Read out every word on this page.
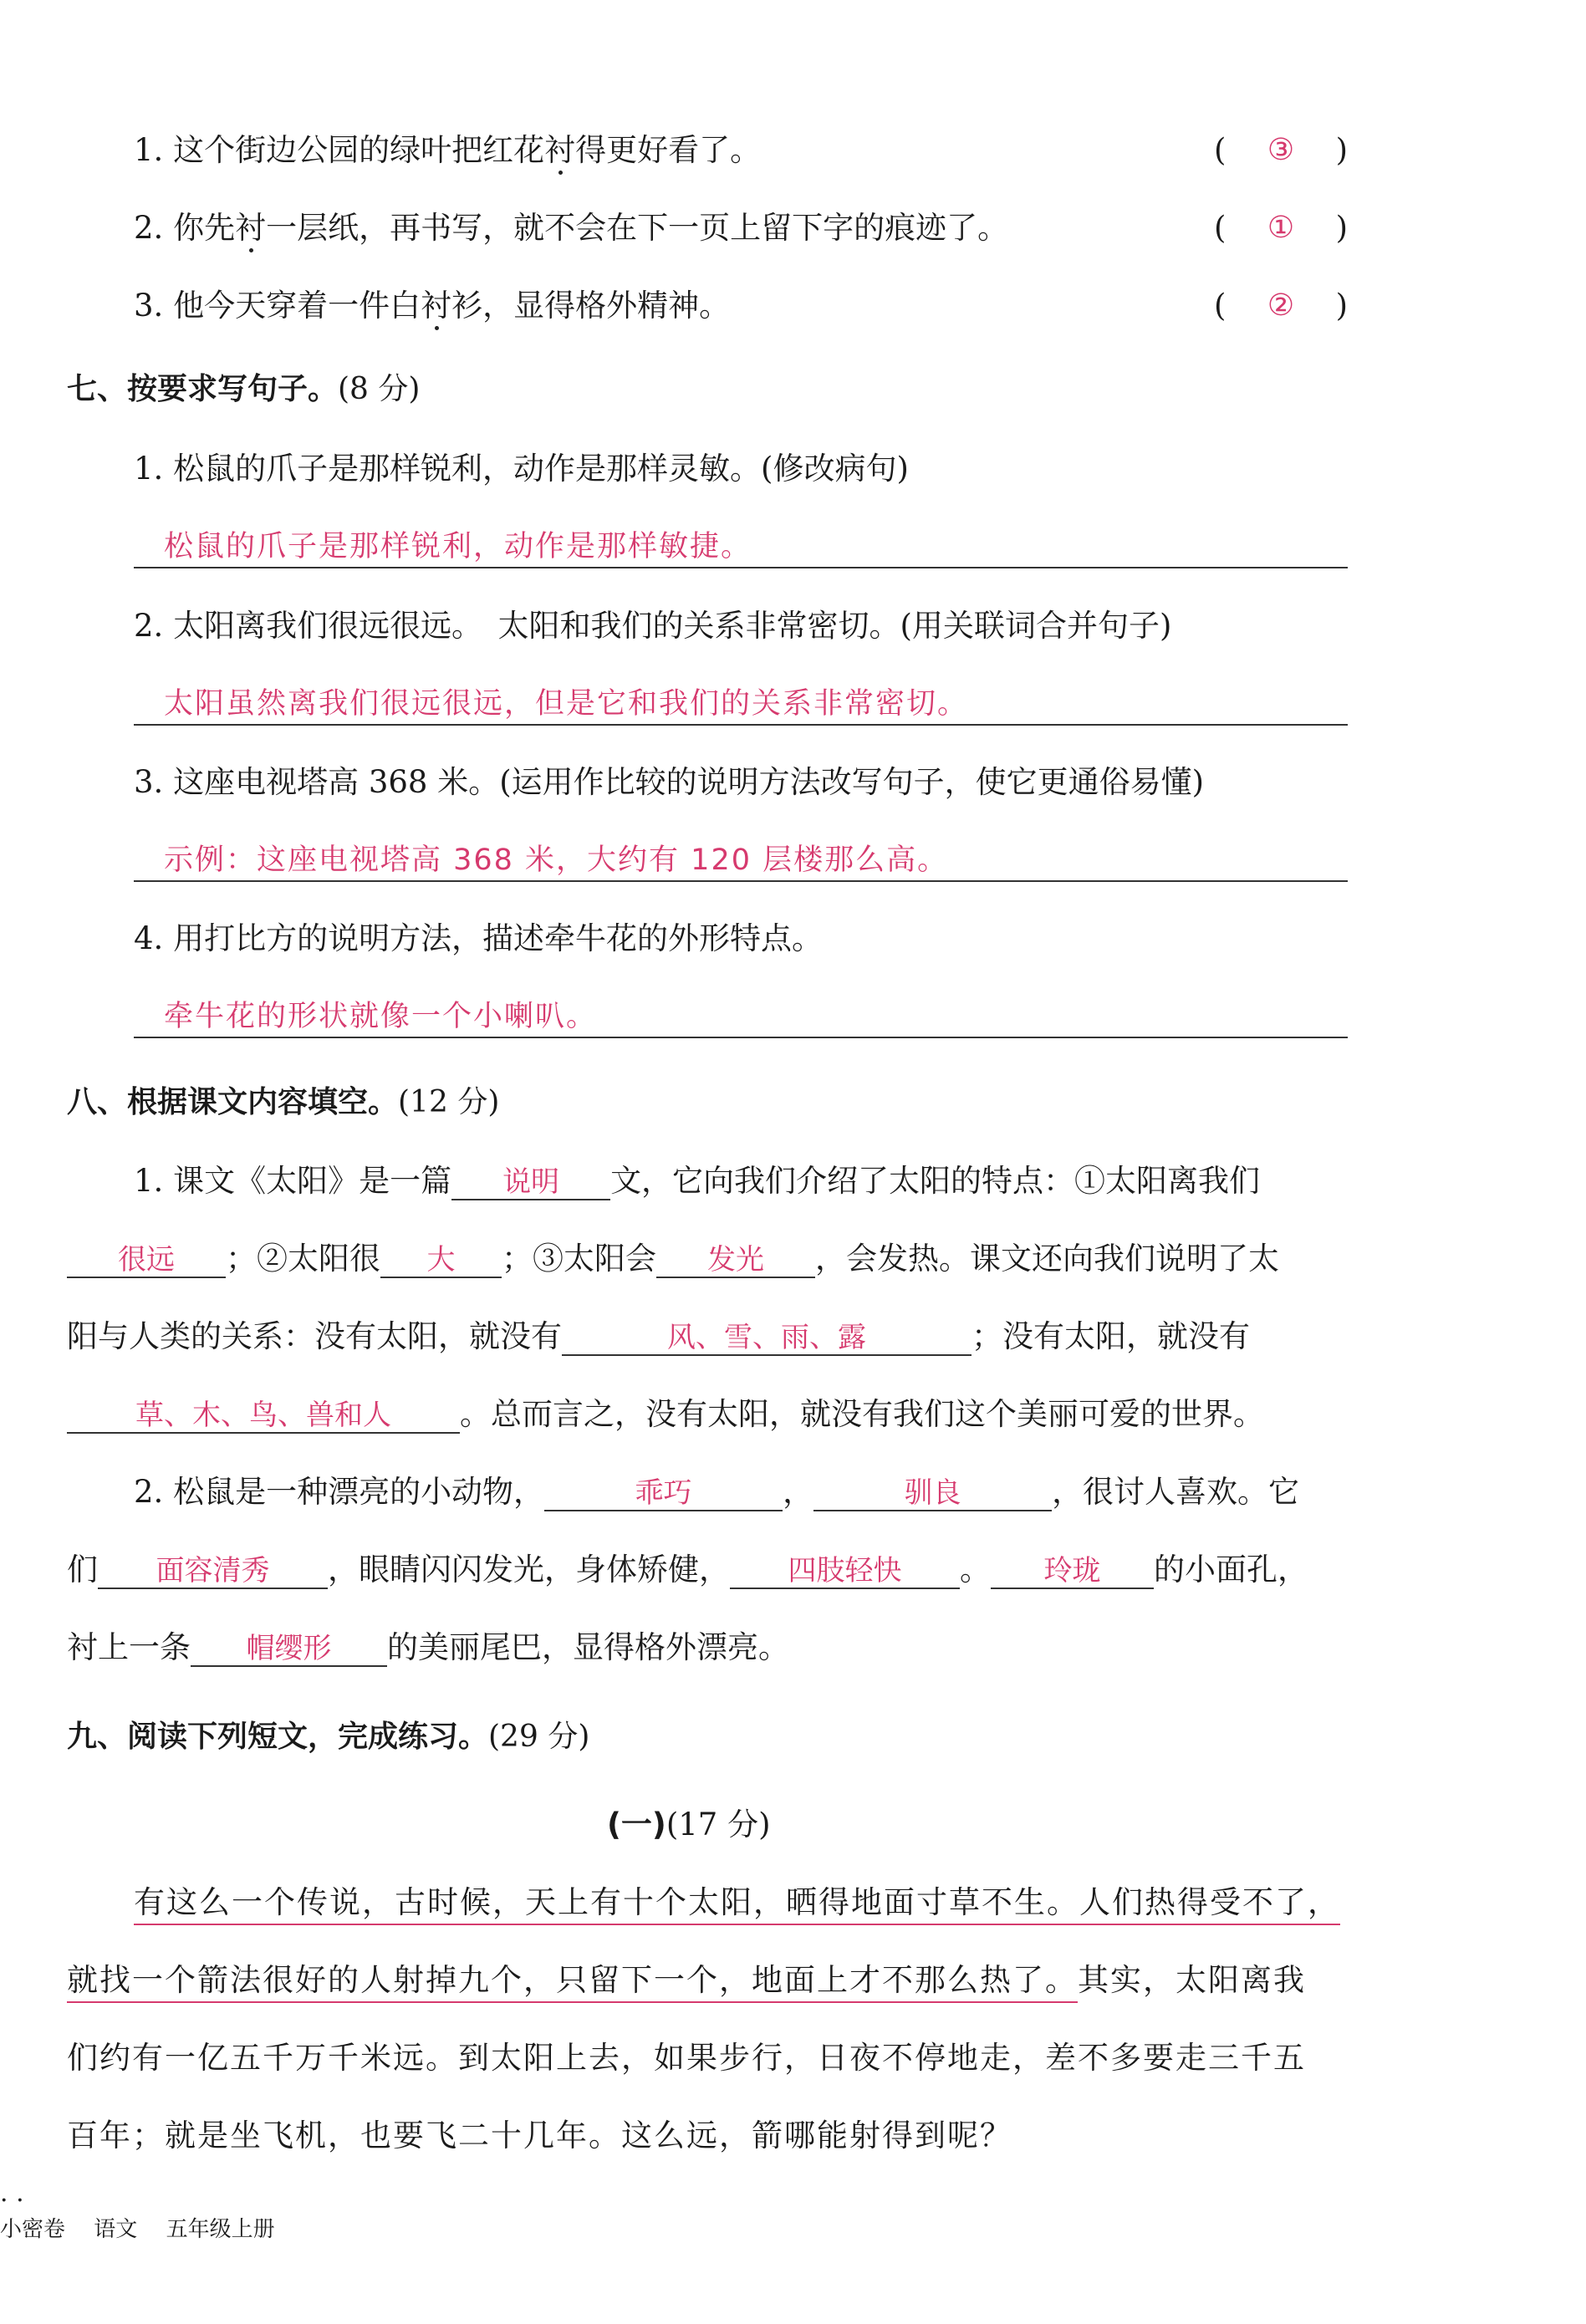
1. 这个街边公园的绿叶把红花衬得更好看了。	( ③ )
2. 你先衬一层纸，再书写，就不会在下一页上留下字的痕迹了。	( ① )
3. 他今天穿着一件白衬衫，显得格外精神。	( ② )
七、按要求写句子。(8 分)
1. 松鼠的爪子是那样锐利，动作是那样灵敏。(修改病句)
松鼠的爪子是那样锐利，动作是那样敏捷。
2. 太阳离我们很远很远。　太阳和我们的关系非常密切。(用关联词合并句子)
太阳虽然离我们很远很远，但是它和我们的关系非常密切。
3. 这座电视塔高 368 米。(运用作比较的说明方法改写句子，使它更通俗易懂)
示例：这座电视塔高 368 米，大约有 120 层楼那么高。
4. 用打比方的说明方法，描述牵牛花的外形特点。
牵牛花的形状就像一个小喇叭。
八、根据课文内容填空。(12 分)
1. 课文《太阳》是一篇 说明 文，它向我们介绍了太阳的特点：①太阳离我们
很远 ；②太阳很 大 ；③太阳会 发光 ，会发热。课文还向我们说明了太
阳与人类的关系：没有太阳，就没有	风、雪、雨、露	；没有太阳，就没有
草、木、鸟、兽和人 。总而言之，没有太阳，就没有我们这个美丽可爱的世界。
2. 松鼠是一种漂亮的小动物，	乖巧	，	驯良	，很讨人喜欢。它
们 面容清秀 ，眼睛闪闪发光，身体矫健， 四肢轻快 。 玲珑 的小面孔，
衬上一条 帽缨形 的美丽尾巴，显得格外漂亮。
九、阅读下列短文，完成练习。(29 分)
(一)(17 分)
有这么一个传说，古时候，天上有十个太阳，晒得地面寸草不生。人们热得受不了，
就找一个箭法很好的人射掉九个，只留下一个，地面上才不那么热了。其实，太阳离我
们约有一亿五千万千米远。到太阳上去，如果步行，日夜不停地走，差不多要走三千五
百年；就是坐飞机，也要飞二十几年。这么远，箭哪能射得到呢？
· ·
小密卷 语文 五年级上册
